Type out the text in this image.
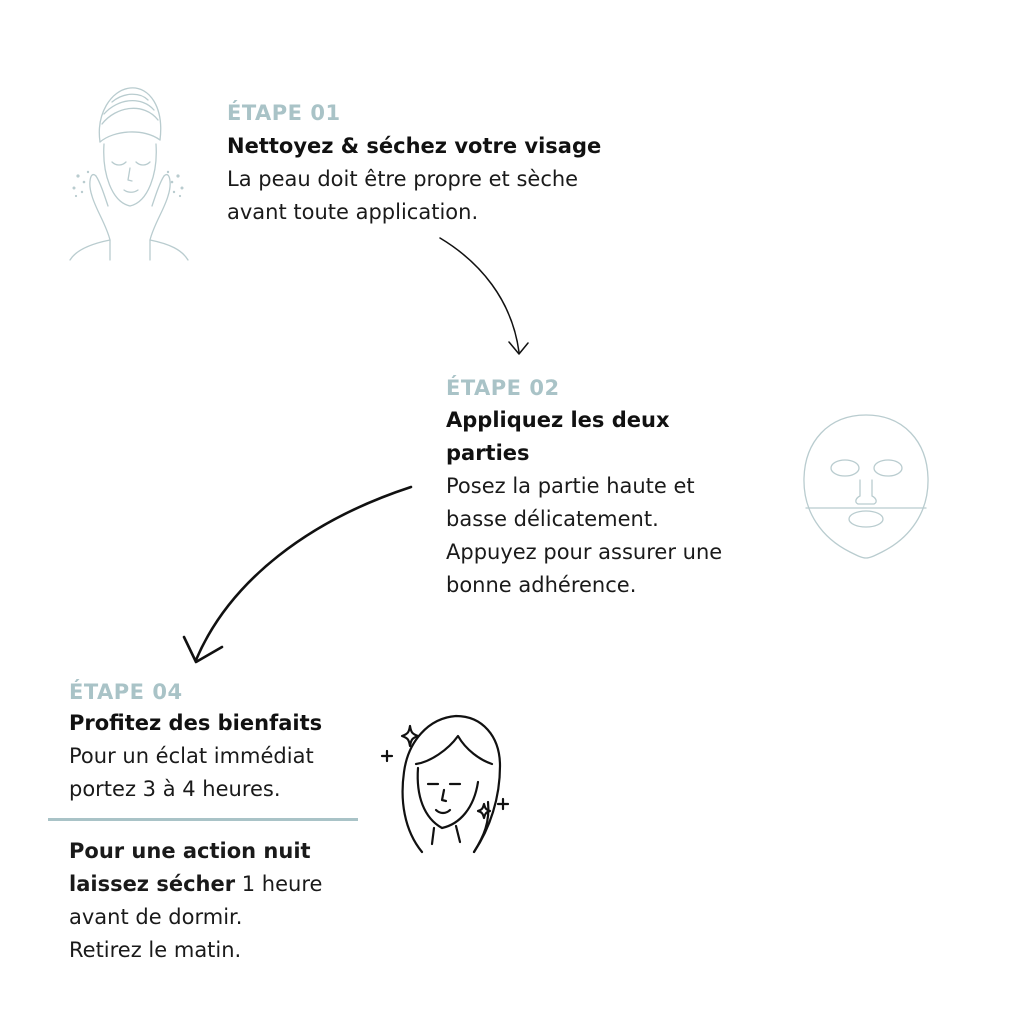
ÉTAPE 01
Nettoyez & séchez votre visage
La peau doit être propre et sèche
avant toute application.
ÉTAPE 02
Appliquez les deux
parties
Posez la partie haute et
basse délicatement.
Appuyez pour assurer une
bonne adhérence.
ÉTAPE 04
Profitez des bienfaits
Pour un éclat immédiat
portez 3 à 4 heures.
Pour une action nuit
laissez sécher 1 heure
avant de dormir.
Retirez le matin.
